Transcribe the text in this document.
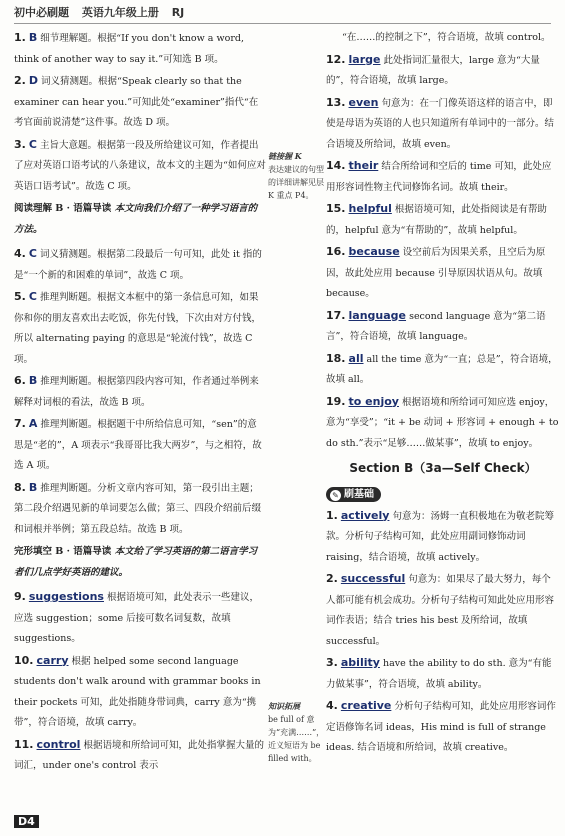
初中必刷题 英语九年级上册 RJ
1. B 细节理解题。根据“If you don't know a word, think of another way to say it.”可知选 B 项。
2. D 词义猜测题。根据“Speak clearly so that the examiner can hear you.”可知此处“examiner”指代“在考官面前说清楚”这件事。故选 D 项。
3. C 主旨大意题。根据第一段及所给建议可知，作者提出了应对英语口语考试的八条建议，故本文的主题为“如何应对英语口语考试”。故选 C 项。
阅读理解 B · 语篇导读 本文向我们介绍了一种学习语言的方法。
4. C 词义猜测题。根据第二段最后一句可知，此处 it 指的是“一个新的和困难的单词”，故选 C 项。
5. C 推理判断题。根据文本框中的第一条信息可知，如果你和你的朋友喜欢出去吃饭，你先付钱，下次由对方付钱，所以 alternating paying 的意思是“轮流付钱”，故选 C 项。
6. B 推理判断题。根据第四段内容可知，作者通过举例来解释对词根的看法，故选 B 项。
7. A 推理判断题。根据题干中所给信息可知，“sen”的意思是“老的”，A 项表示“我哥哥比我大两岁”，与之相符，故选 A 项。
8. B 推理判断题。分析文章内容可知，第一段引出主题；第二段介绍遇见新的单词要怎么做；第三、四段介绍前后缀和词根并举例；第五段总结。故选 B 项。
完形填空 B · 语篇导读 本文给了学习英语的第二语言学习者们几点学好英语的建议。
9. suggestions 根据语境可知，此处表示一些建议，应选 suggestion；some 后接可数名词复数，故填 suggestions。
10. carry 根据 helped some second language students don't walk around with grammar books in their pockets 可知，此处指随身带词典，carry 意为“携带”，符合语境，故填 carry。
11. control 根据语境和所给词可知，此处指掌握大量的词汇，under one's control 表示
“在……的控制之下”，符合语境，故填 control。
12. large 此处指词汇量很大，large 意为“大量的”，符合语境，故填 large。
13. even 句意为：在一门像英语这样的语言中，即使是母语为英语的人也只知道所有单词中的一部分。结合语境及所给词，故填 even。
14. their 结合所给词和空后的 time 可知，此处应用形容词性物主代词修饰名词。故填 their。
15. helpful 根据语境可知，此处指阅读是有帮助的，helpful 意为“有帮助的”，故填 helpful。
16. because 设空前后为因果关系，且空后为原因，故此处应用 because 引导原因状语从句。故填 because。
17. language second language 意为“第二语言”，符合语境，故填 language。
18. all all the time 意为“一直；总是”，符合语境，故填 all。
19. to enjoy 根据语境和所给词可知应选 enjoy，意为“享受”；“it + be 动词 + 形容词 + enough + to do sth.”表示“足够……做某事”，故填 to enjoy。
Section B（3a—Self Check）
✎ 刷基础
1. actively 句意为：汤姆一直积极地在为敬老院筹款。分析句子结构可知，此处应用副词修饰动词 raising，结合语境，故填 actively。
2. successful 句意为：如果尽了最大努力，每个人都可能有机会成功。分析句子结构可知此处应用形容词作表语；结合 tries his best 及所给词，故填 successful。
3. ability have the ability to do sth. 意为“有能力做某事”，符合语境，故填 ability。
4. creative 分析句子结构可知，此处应用形容词作定语修饰名词 ideas，His mind is full of strange ideas. 结合语境和所给词，故填 creative。
链接握 K
表达建议的句型的详细讲解见层 K 重点 P4。
知识拓展
be full of 意为“充满……”，近义短语为 be filled with。
D4
